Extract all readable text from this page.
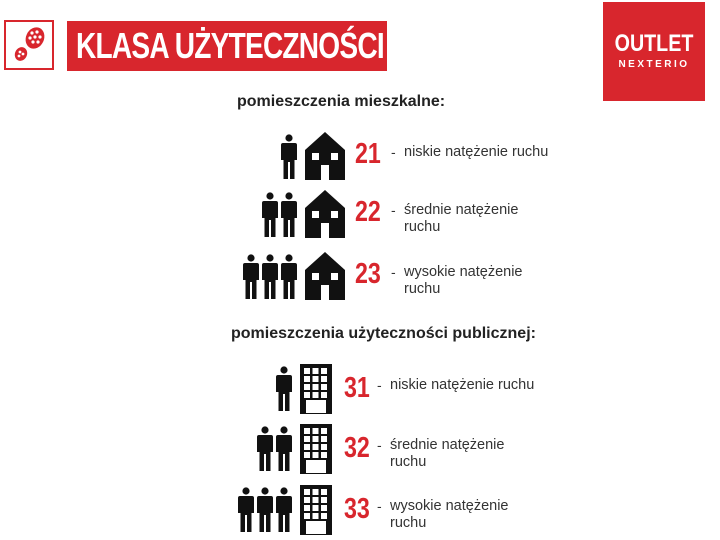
KLASA UŻYTECZNOŚCI	OUTLET
NEXTERIO
pomieszczenia mieszkalne:
21 - niskie natężenie ruchu
22 - średnie natężenie ruchu
23 - wysokie natężenie ruchu
pomieszczenia użyteczności publicznej:
31 - niskie natężenie ruchu
32 - średnie natężenie ruchu
33 - wysokie natężenie ruchu
